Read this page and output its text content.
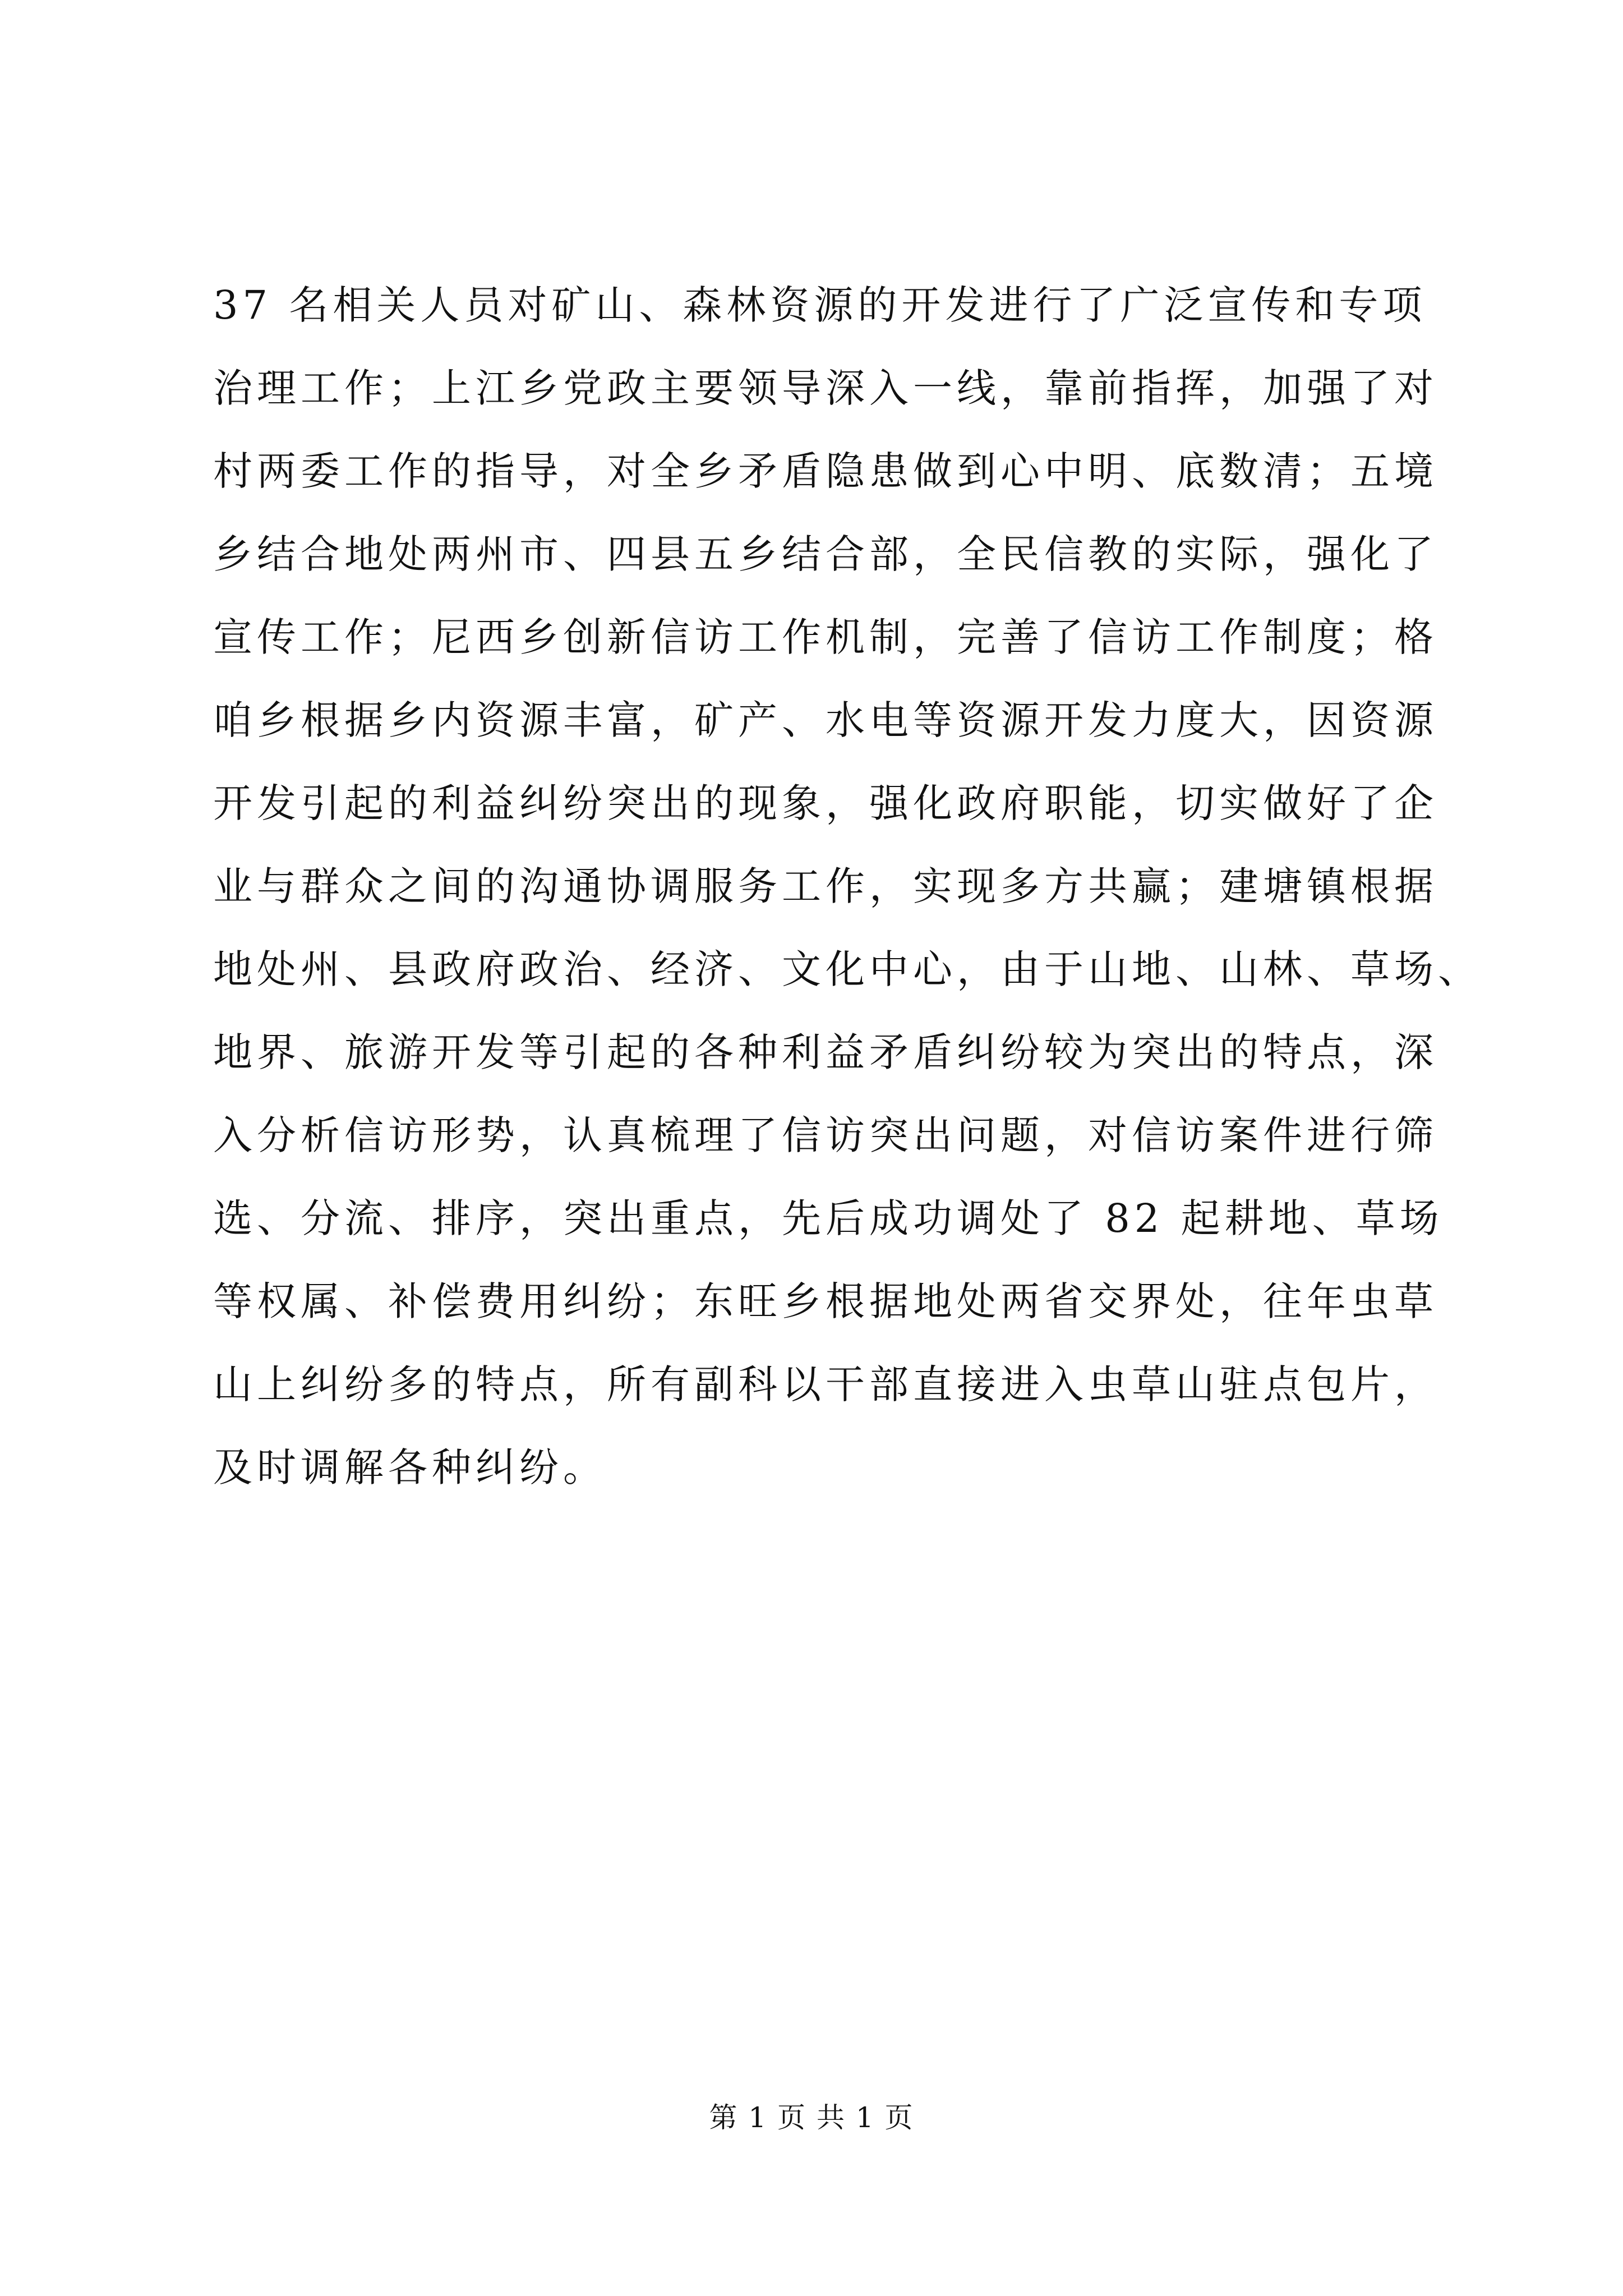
37 名相关人员对矿山、森林资源的开发进行了广泛宣传和专项
治理工作；上江乡党政主要领导深入一线，靠前指挥，加强了对
村两委工作的指导，对全乡矛盾隐患做到心中明、底数清；五境
乡结合地处两州市、四县五乡结合部，全民信教的实际，强化了
宣传工作；尼西乡创新信访工作机制，完善了信访工作制度；格
咱乡根据乡内资源丰富，矿产、水电等资源开发力度大，因资源
开发引起的利益纠纷突出的现象，强化政府职能，切实做好了企
业与群众之间的沟通协调服务工作，实现多方共赢；建塘镇根据
地处州、县政府政治、经济、文化中心，由于山地、山林、草场、
地界、旅游开发等引起的各种利益矛盾纠纷较为突出的特点，深
入分析信访形势，认真梳理了信访突出问题，对信访案件进行筛
选、分流、排序，突出重点，先后成功调处了 82 起耕地、草场
等权属、补偿费用纠纷；东旺乡根据地处两省交界处，往年虫草
山上纠纷多的特点，所有副科以干部直接进入虫草山驻点包片，
及时调解各种纠纷。
第 1 页 共 1 页
